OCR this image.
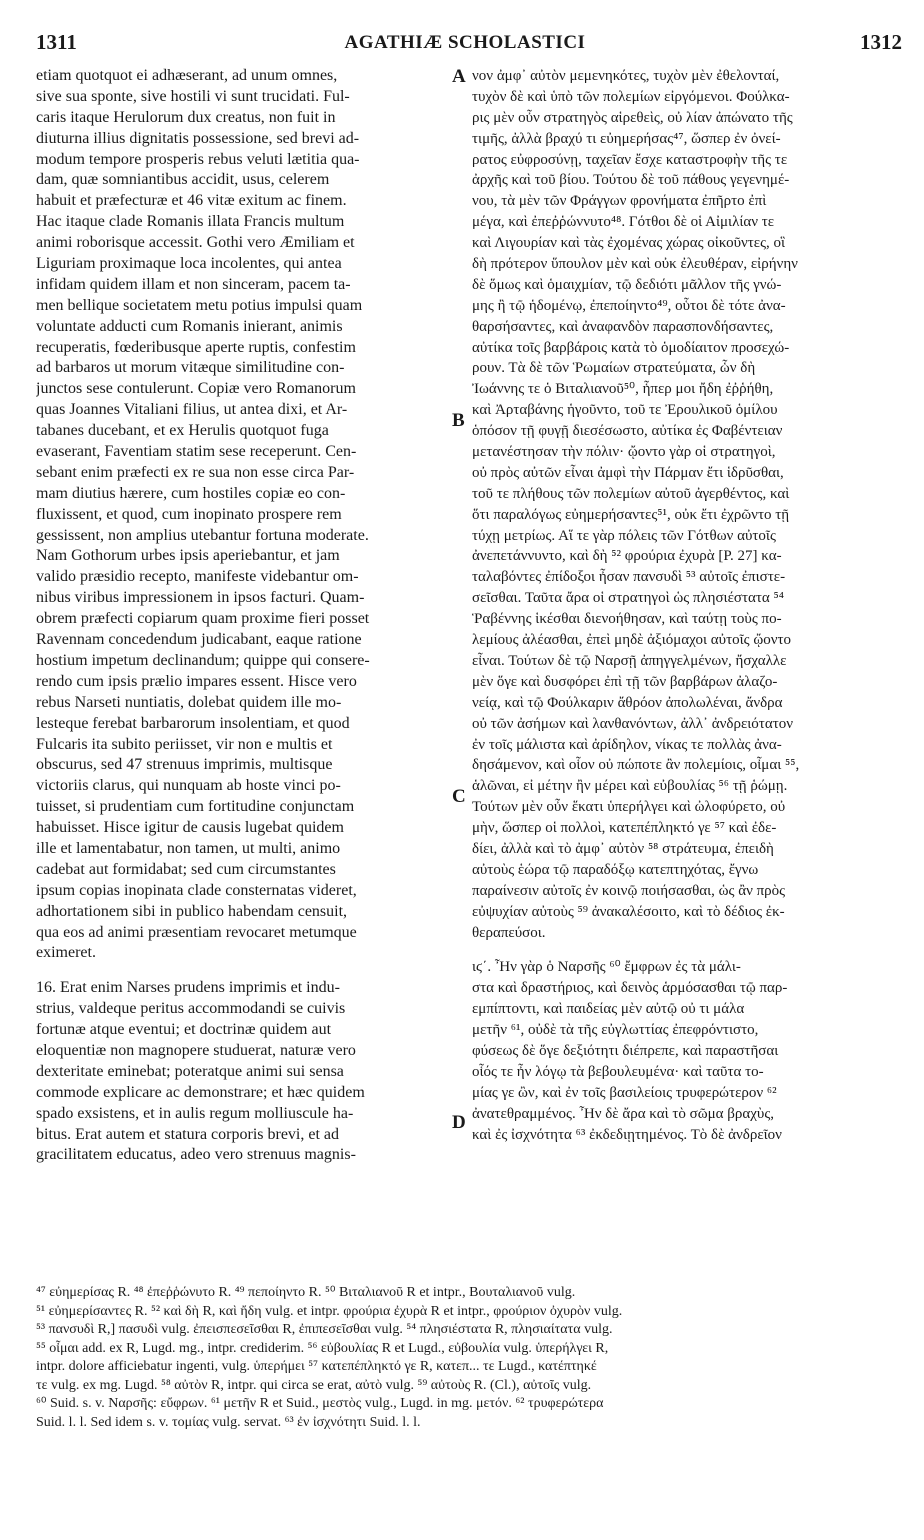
1311	AGATHIÆ SCHOLASTICI	1312
etiam quotquot ei adhæserant, ad unum omnes,
sive sua sponte, sive hostili vi sunt trucidati. Ful-
caris itaque Herulorum dux creatus, non fuit in
diuturna illius dignitatis possessione, sed brevi ad-
modum tempore prosperis rebus veluti lætitia qua-
dam, quæ somniantibus accidit, usus, celerem
habuit et præfecturæ et 46 vitæ exitum ac finem.
Hac itaque clade Romanis illata Francis multum
animi roborisque accessit. Gothi vero Æmiliam et
Liguriam proximaque loca incolentes, qui antea
infidam quidem illam et non sinceram, pacem ta-
men bellique societatem metu potius impulsi quam
voluntate adducti cum Romanis inierant, animis
recuperatis, fœderibusque aperte ruptis, confestim
ad barbaros ut morum vitæque similitudine con-
junctos sese contulerunt. Copiæ vero Romanorum
quas Joannes Vitaliani filius, ut antea dixi, et Ar-
tabanes ducebant, et ex Herulis quotquot fuga
evaserant, Faventiam statim sese receperunt. Cen-
sebant enim præfecti ex re sua non esse circa Par-
mam diutius hærere, cum hostiles copiæ eo con-
fluxissent, et quod, cum inopinato prospere rem
gessissent, non amplius utebantur fortuna moderate.
Nam Gothorum urbes ipsis aperiebantur, et jam
valido præsidio recepto, manifeste videbantur om-
nibus viribus impressionem in ipsos facturi. Quam-
obrem præfecti copiarum quam proxime fieri posset
Ravennam concedendum judicabant, eaque ratione
hostium impetum declinandum; quippe qui consere-
rendo cum ipsis prælio impares essent. Hisce vero
rebus Narseti nuntiatis, dolebat quidem ille mo-
lesteque ferebat barbarorum insolentiam, et quod
Fulcaris ita subito periisset, vir non e multis et
obscurus, sed 47 strenuus imprimis, multisque
victoriis clarus, qui nunquam ab hoste vinci po-
tuisset, si prudentiam cum fortitudine conjunctam
habuisset. Hisce igitur de causis lugebat quidem
ille et lamentabatur, non tamen, ut multi, animo
cadebat aut formidabat; sed cum circumstantes
ipsum copias inopinata clade consternatas videret,
adhortationem sibi in publico habendam censuit,
qua eos ad animi præsentiam revocaret metumque
eximeret.
16. Erat enim Narses prudens imprimis et indu-
strius, valdeque peritus accommodandi se cuivis
fortunæ atque eventui; et doctrinæ quidem aut
eloquentiæ non magnopere studuerat, naturæ vero
dexteritate eminebat; poteratque animi sui sensa
commode explicare ac demonstrare; et hæc quidem
spado exsistens, et in aulis regum molliuscule ha-
bitus. Erat autem et statura corporis brevi, et ad
gracilitatem educatus, adeo vero strenuus magnis-
νον ἀμφ᾽ αὐτὸν μεμενηκότες, τυχὸν μὲν ἐθελονταί,
τυχὸν δὲ καὶ ὑπὸ τῶν πολεμίων εἰργόμενοι. Φούλκα-
ρις μὲν οὖν στρατηγὸς αἱρεθεὶς, οὐ λίαν ἀπώνατο τῆς
τιμῆς, ἀλλὰ βραχύ τι εὐημερήσας⁴⁷, ὥσπερ ἐν ὀνεί-
ρατος εὐφροσύνῃ, ταχεῖαν ἔσχε καταστροφὴν τῆς τε
ἀρχῆς καὶ τοῦ βίου. Τούτου δὲ τοῦ πάθους γεγενημέ-
νου, τὰ μὲν τῶν Φράγγων φρονήματα ἐπῆρτο ἐπὶ
μέγα, καὶ ἐπεῤῥώννυτο⁴⁸. Γότθοι δὲ οἱ Αἰμιλίαν τε
καὶ Λιγουρίαν καὶ τὰς ἐχομένας χώρας οἰκοῦντες, οἳ
δὴ πρότερον ὕπουλον μὲν καὶ οὐκ ἐλευθέραν, εἰρήνην
δὲ ὅμως καὶ ὁμαιχμίαν, τῷ δεδιότι μᾶλλον τῆς γνώ-
μης ἢ τῷ ἡδομένῳ, ἐπεποίηντο⁴⁹, οὗτοι δὲ τότε ἀνα-
θαρσήσαντες, καὶ ἀναφανδὸν παρασπονδήσαντες,
αὐτίκα τοῖς βαρβάροις κατὰ τὸ ὁμοδίαιτον προσεχώ-
ρουν. Τὰ δὲ τῶν Ῥωμαίων στρατεύματα, ὧν δὴ
Ἰωάννης τε ὁ Βιταλιανοῦ⁵⁰, ἧπερ μοι ἤδη ἐῤῥήθη,
καὶ Ἀρταβάνης ἡγοῦντο, τοῦ τε Ἐρουλικοῦ ὁμίλου
ὁπόσον τῇ φυγῇ διεσέσωστο, αὐτίκα ἐς Φαβέντειαν
μετανέστησαν τὴν πόλιν· ᾤοντο γὰρ οἱ στρατηγοὶ,
οὐ πρὸς αὐτῶν εἶναι ἀμφὶ τὴν Πάρμαν ἔτι ἱδρῦσθαι,
τοῦ τε πλήθους τῶν πολεμίων αὐτοῦ ἀγερθέντος, καὶ
ὅτι παραλόγως εὐημερήσαντες⁵¹, οὐκ ἔτι ἐχρῶντο τῇ
τύχῃ μετρίως. Αἵ τε γὰρ πόλεις τῶν Γότθων αὐτοῖς
ἀνεπετάννυντο, καὶ δὴ ⁵² φρούρια ἐχυρὰ [P. 27] κα-
ταλαβόντες ἐπίδοξοι ἦσαν πανσυδὶ ⁵³ αὐτοῖς ἐπιστε-
σεῖσθαι. Ταῦτα ἄρα οἱ στρατηγοὶ ὡς πλησιέστατα ⁵⁴
Ῥαβέννης ἱκέσθαι διενοήθησαν, καὶ ταύτῃ τοὺς πο-
λεμίους ἀλέασθαι, ἐπεὶ μηδὲ ἀξιόμαχοι αὐτοῖς ᾤοντο
εἶναι. Τούτων δὲ τῷ Ναρσῇ ἀπηγγελμένων, ἤσχαλλε
μὲν ὅγε καὶ δυσφόρει ἐπὶ τῇ τῶν βαρβάρων ἀλαζο-
νείᾳ, καὶ τῷ Φούλκαριν ἄθρόον ἀπολωλέναι, ἄνδρα
οὐ τῶν ἀσήμων καὶ λανθανόντων, ἀλλ᾽ ἀνδρειότατον
ἐν τοῖς μάλιστα καὶ ἀρίδηλον, νίκας τε πολλὰς ἀνα-
δησάμενον, καὶ οἷον οὐ πώποτε ἂν πολεμίοις, οἶμαι ⁵⁵,
ἁλῶναι, εἰ μέτην ἢν μέρει καὶ εὐβουλίας ⁵⁶ τῇ ῥώμῃ.
Τούτων μὲν οὖν ἕκατι ὑπερήλγει καὶ ὠλοφύρετο, οὐ
μὴν, ὥσπερ οἱ πολλοὶ, κατεπέπληκτό γε ⁵⁷ καὶ ἐδε-
δίει, ἀλλὰ καὶ τὸ ἀμφ᾽ αὐτὸν ⁵⁸ στράτευμα, ἐπειδὴ
αὐτοὺς ἑώρα τῷ παραδόξῳ κατεπτηχότας, ἔγνω
παραίνεσιν αὐτοῖς ἐν κοινῷ ποιήσασθαι, ὡς ἂν πρὸς
εὐψυχίαν αὐτοὺς ⁵⁹ ἀνακαλέσοιτο, καὶ τὸ δέδιος ἐκ-
θεραπεύσοι.
ιϛ΄. Ἦν γὰρ ὁ Ναρσῆς ⁶⁰ ἔμφρων ἐς τὰ μάλι-
στα καὶ δραστήριος, καὶ δεινὸς ἁρμόσασθαι τῷ παρ-
εμπίπτοντι, καὶ παιδείας μὲν αὐτῷ οὐ τι μάλα
μετῆν ⁶¹, οὐδὲ τὰ τῆς εὐγλωττίας ἐπεφρόντιστο,
φύσεως δὲ ὅγε δεξιότητι διέπρεπε, καὶ παραστῆσαι
οἷός τε ἦν λόγῳ τὰ βεβουλευμένα· καὶ ταῦτα το-
μίας γε ὢν, καὶ ἐν τοῖς βασιλείοις τρυφερώτερον ⁶²
ἀνατεθραμμένος. Ἦν δὲ ἄρα καὶ τὸ σῶμα βραχὺς,
καὶ ἐς ἰσχνότητα ⁶³ ἐκδεδιῃτημένος. Τὸ δὲ ἀνδρεῖον
A
B
C
D
⁴⁷ εὐημερίσας R. ⁴⁸ ἐπεῤῥώνυτο R. ⁴⁹ πεποίηντο R. ⁵⁰ Βιταλιανοῦ R et intpr., Βουταλιανοῦ vulg.
⁵¹ εὐημερίσαντες R. ⁵² καὶ δὴ R, καὶ ἤδη vulg. et intpr. φρούρια ἐχυρὰ R et intpr., φρούριον ὀχυρὸν vulg.
⁵³ πανσυδὶ R,] πασυδὶ vulg. ἐπεισπεσεῖσθαι R, ἐπιπεσεῖσθαι vulg. ⁵⁴ πλησιέστατα R, πλησιαίτατα vulg.
⁵⁵ οἶμαι add. ex R, Lugd. mg., intpr. crediderim. ⁵⁶ εὐβουλίας R et Lugd., εὐβουλία vulg. ὑπερήλγει R,
intpr. dolore afficiebatur ingenti, vulg. ὑπερήμει ⁵⁷ κατεπέπληκτό γε R, κατεπ... τε Lugd., κατέπτηκέ
τε vulg. ex mg. Lugd. ⁵⁸ αὐτὸν R, intpr. qui circa se erat, αὐτὸ vulg. ⁵⁹ αὐτοὺς R. (Cl.), αὐτοῖς vulg.
⁶⁰ Suid. s. v. Ναρσῆς: εὔφρων. ⁶¹ μετῆν R et Suid., μεστὸς vulg., Lugd. in mg. μετόν. ⁶² τρυφερώτερα
Suid. l. l. Sed idem s. v. τομίας vulg. servat. ⁶³ ἐν ἰσχνότητι Suid. l. l.
